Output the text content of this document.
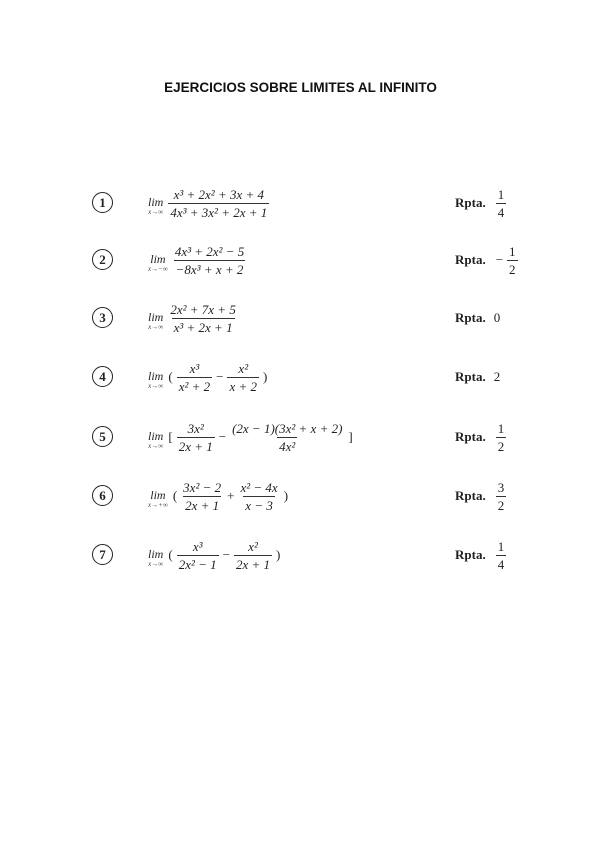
EJERCICIOS SOBRE LIMITES AL INFINITO
1	lim
$x\to\infty \frac{\text{x³ + 2x² + 3x + 4}}{\text{4x³ + 3x² + 2x + 1}}$	Rpta. $\frac{1}{4}$
2	lim
$x\to-\infty \frac{\text{4x³ + 2x² − 5}}{\text{−8x³ + x + 2}}$	Rpta. − $\frac{1}{2}$
3	lim
$x\to\infty \frac{\text{2x² + 7x + 5}}{\text{x³ + 2x + 1}}$	Rpta. 0
4	lim
x→∞
( $\frac{\text{x³}}{\text{x² + 2}} - \frac{\text{x²}}{x + 2}$ )	Rpta. 2
5	lim
x→∞
[ $\frac{\text{3x²}}{2x + 1} - \frac{\text{(2x − 1)(3x² + x + 2)}}{\text{4x²}}$ ]	Rpta. $\frac{1}{2}$
6	lim
x→+∞
( $\frac{\text{3x² − 2}}{2x + 1} + \frac{\text{x² − 4x}}{x - 3}$ )	Rpta. $\frac{3}{2}$
7	lim
x→∞
( $\frac{\text{x³}}{\text{2x² − 1}} - \frac{\text{x²}}{2x + 1}$ )	Rpta. $\frac{1}{4}$
